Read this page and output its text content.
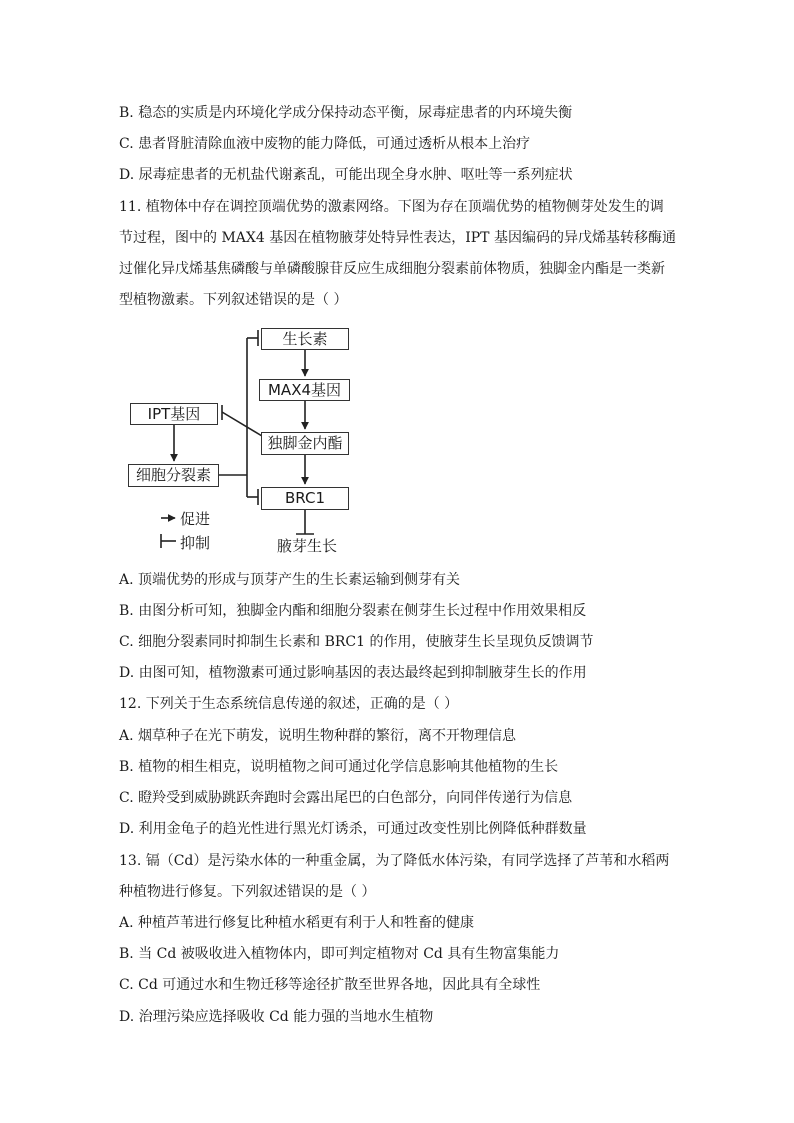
B. 稳态的实质是内环境化学成分保持动态平衡，尿毒症患者的内环境失衡
C. 患者肾脏清除血液中废物的能力降低，可通过透析从根本上治疗
D. 尿毒症患者的无机盐代谢紊乱，可能出现全身水肿、呕吐等一系列症状
11. 植物体中存在调控顶端优势的激素网络。下图为存在顶端优势的植物侧芽处发生的调
节过程，图中的 MAX4 基因在植物腋芽处特异性表达，IPT 基因编码的异戊烯基转移酶通
过催化异戊烯基焦磷酸与单磷酸腺苷反应生成细胞分裂素前体物质，独脚金内酯是一类新
型植物激素。下列叙述错误的是（ ）
生长素
MAX4基因
IPT基因
独脚金内酯
细胞分裂素
BRC1
腋芽生长
促进
抑制
A. 顶端优势的形成与顶芽产生的生长素运输到侧芽有关
B. 由图分析可知，独脚金内酯和细胞分裂素在侧芽生长过程中作用效果相反
C. 细胞分裂素同时抑制生长素和 BRC1 的作用，使腋芽生长呈现负反馈调节
D. 由图可知，植物激素可通过影响基因的表达最终起到抑制腋芽生长的作用
12. 下列关于生态系统信息传递的叙述，正确的是（ ）
A. 烟草种子在光下萌发，说明生物种群的繁衍，离不开物理信息
B. 植物的相生相克，说明植物之间可通过化学信息影响其他植物的生长
C. 瞪羚受到威胁跳跃奔跑时会露出尾巴的白色部分，向同伴传递行为信息
D. 利用金龟子的趋光性进行黑光灯诱杀，可通过改变性别比例降低种群数量
13. 镉（Cd）是污染水体的一种重金属，为了降低水体污染，有同学选择了芦苇和水稻两
种植物进行修复。下列叙述错误的是（ ）
A. 种植芦苇进行修复比种植水稻更有利于人和牲畜的健康
B. 当 Cd 被吸收进入植物体内，即可判定植物对 Cd 具有生物富集能力
C. Cd 可通过水和生物迁移等途径扩散至世界各地，因此具有全球性
D. 治理污染应选择吸收 Cd 能力强的当地水生植物
